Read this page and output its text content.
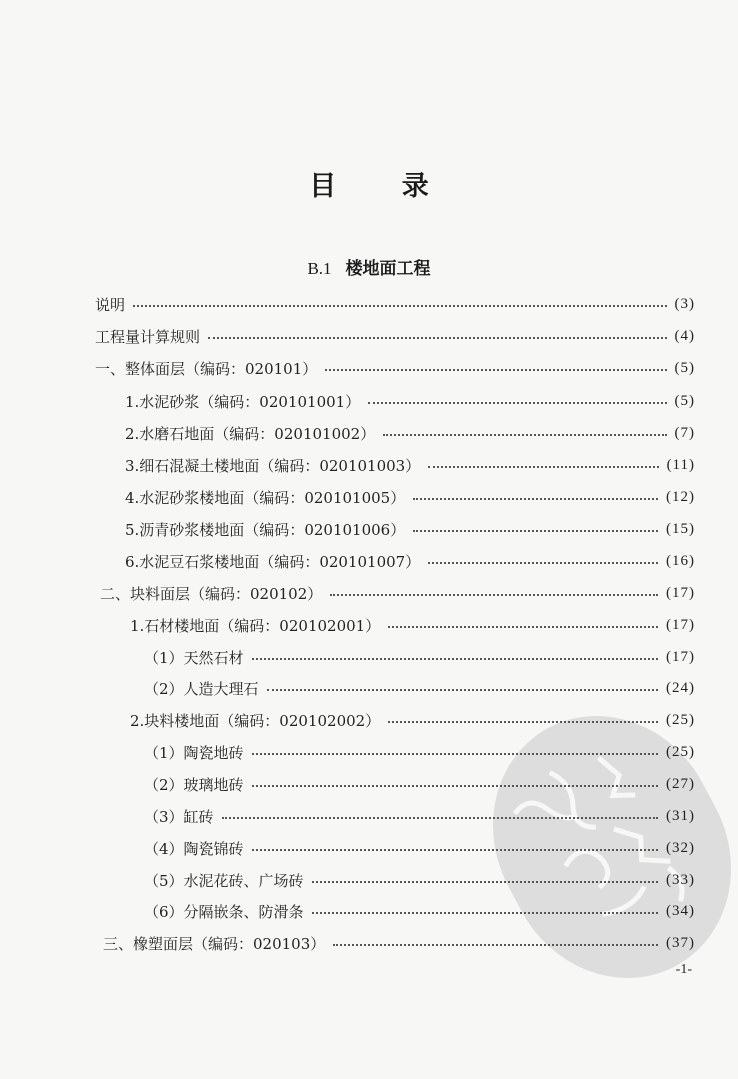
目 录
B.1 楼地面工程
说明	(3)
工程量计算规则	(4)
一、整体面层（编码：020101）	(5)
1.水泥砂浆（编码：020101001）	(5)
2.水磨石地面（编码：020101002）	(7)
3.细石混凝土楼地面（编码：020101003）	(11)
4.水泥砂浆楼地面（编码：020101005）	(12)
5.沥青砂浆楼地面（编码：020101006）	(15)
6.水泥豆石浆楼地面（编码：020101007）	(16)
二、块料面层（编码：020102）	(17)
1.石材楼地面（编码：020102001）	(17)
（1）天然石材	(17)
（2）人造大理石	(24)
2.块料楼地面（编码：020102002）	(25)
（1）陶瓷地砖	(25)
（2）玻璃地砖	(27)
（3）缸砖	(31)
（4）陶瓷锦砖	(32)
（5）水泥花砖、广场砖	(33)
（6）分隔嵌条、防滑条	(34)
三、橡塑面层（编码：020103）	(37)
-1-
